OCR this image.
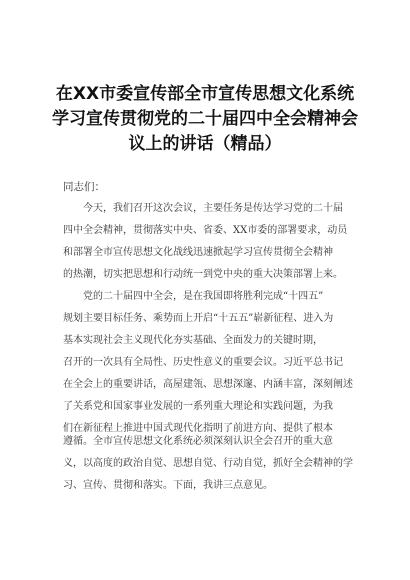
在XX市委宣传部全市宣传思想文化系统
学习宣传贯彻党的二十届四中全会精神会
议上的讲话（精品）
同志们：
　　今天，我们召开这次会议，主要任务是传达学习党的二十届
四中全会精神，贯彻落实中央、省委、XX市委的部署要求，动员
和部署全市宣传思想文化战线迅速掀起学习宣传贯彻全会精神
的热潮，切实把思想和行动统一到党中央的重大决策部署上来。
　　党的二十届四中全会，是在我国即将胜利完成“十四五”
规划主要目标任务、乘势而上开启“十五五”崭新征程、进入为
基本实现社会主义现代化夯实基础、全面发力的关键时期，
召开的一次具有全局性、历史性意义的重要会议。习近平总书记
在全会上的重要讲话，高屋建瓴、思想深邃、内涵丰富，深刻阐述
了关系党和国家事业发展的一系列重大理论和实践问题，为我
们在新征程上推进中国式现代化指明了前进方向、提供了根本
遵循。全市宣传思想文化系统必须深刻认识全会召开的重大意
义，以高度的政治自觉、思想自觉、行动自觉，抓好全会精神的学
习、宣传、贯彻和落实。下面，我讲三点意见。
